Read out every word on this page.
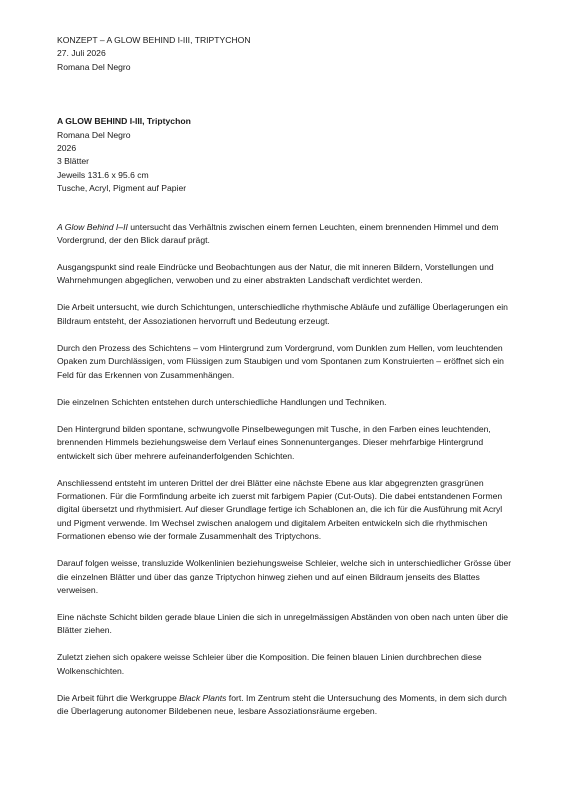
KONZEPT – A GLOW BEHIND I-III, TRIPTYCHON
27. Juli 2026
Romana Del Negro
A GLOW BEHIND I-III, Triptychon
Romana Del Negro
2026
3 Blätter
Jeweils 131.6 x 95.6 cm
Tusche, Acryl, Pigment auf Papier

A Glow Behind I–II untersucht das Verhältnis zwischen einem fernen Leuchten, einem brennenden Himmel und dem Vordergrund, der den Blick darauf prägt.

Ausgangspunkt sind reale Eindrücke und Beobachtungen aus der Natur, die mit inneren Bildern, Vorstellungen und Wahrnehmungen abgeglichen, verwoben und zu einer abstrakten Landschaft verdichtet werden.

Die Arbeit untersucht, wie durch Schichtungen, unterschiedliche rhythmische Abläufe und zufällige Überlagerungen ein Bildraum entsteht, der Assoziationen hervorruft und Bedeutung erzeugt.

Durch den Prozess des Schichtens – vom Hintergrund zum Vordergrund, vom Dunklen zum Hellen, vom leuchtenden Opaken zum Durchlässigen, vom Flüssigen zum Staubigen und vom Spontanen zum Konstruierten – eröffnet sich ein Feld für das Erkennen von Zusammenhängen.

Die einzelnen Schichten entstehen durch unterschiedliche Handlungen und Techniken.

Den Hintergrund bilden spontane, schwungvolle Pinselbewegungen mit Tusche, in den Farben eines leuchtenden, brennenden Himmels beziehungsweise dem Verlauf eines Sonnenunterganges. Dieser mehrfarbige Hintergrund entwickelt sich über mehrere aufeinanderfolgenden Schichten.

Anschliessend entsteht im unteren Drittel der drei Blätter eine nächste Ebene aus klar abgegrenzten grasgrünen Formationen. Für die Formfindung arbeite ich zuerst mit farbigem Papier (Cut-Outs). Die dabei entstandenen Formen digital übersetzt und rhythmisiert. Auf dieser Grundlage fertige ich Schablonen an, die ich für die Ausführung mit Acryl und Pigment verwende. Im Wechsel zwischen analogem und digitalem Arbeiten entwickeln sich die rhythmischen Formationen ebenso wie der formale Zusammenhalt des Triptychons.

Darauf folgen weisse, transluzide Wolkenlinien beziehungsweise Schleier, welche sich in unterschiedlicher Grösse über die einzelnen Blätter und über das ganze Triptychon hinweg ziehen und auf einen Bildraum jenseits des Blattes verweisen.

Eine nächste Schicht bilden gerade blaue Linien die sich in unregelmässigen Abständen von oben nach unten über die Blätter ziehen.

Zuletzt ziehen sich opakere weisse Schleier über die Komposition. Die feinen blauen Linien durchbrechen diese Wolkenschichten.

Die Arbeit führt die Werkgruppe Black Plants fort. Im Zentrum steht die Untersuchung des Moments, in dem sich durch die Überlagerung autonomer Bildebenen neue, lesbare Assoziationsräume ergeben.
